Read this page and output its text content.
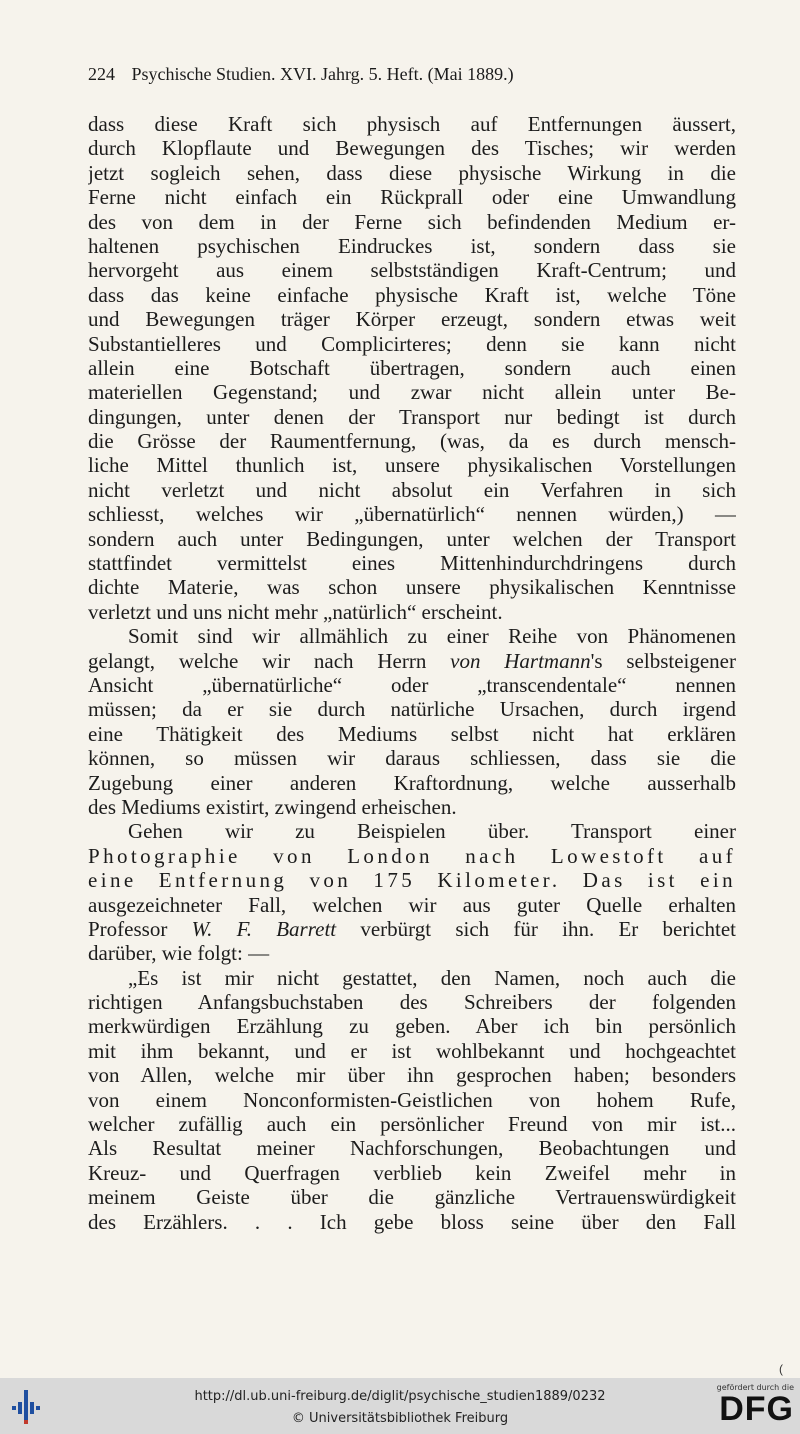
224 Psychische Studien. XVI. Jahrg. 5. Heft. (Mai 1889.)
dass diese Kraft sich physisch auf Entfernungen äussert,
durch Klopflaute und Bewegungen des Tisches; wir werden
jetzt sogleich sehen, dass diese physische Wirkung in die
Ferne nicht einfach ein Rückprall oder eine Umwandlung
des von dem in der Ferne sich befindenden Medium er-
haltenen psychischen Eindruckes ist, sondern dass sie
hervorgeht aus einem selbstständigen Kraft-Centrum; und
dass das keine einfache physische Kraft ist, welche Töne
und Bewegungen träger Körper erzeugt, sondern etwas weit
Substantielleres und Complicirteres; denn sie kann nicht
allein eine Botschaft übertragen, sondern auch einen
materiellen Gegenstand; und zwar nicht allein unter Be-
dingungen, unter denen der Transport nur bedingt ist durch
die Grösse der Raumentfernung, (was, da es durch mensch-
liche Mittel thunlich ist, unsere physikalischen Vorstellungen
nicht verletzt und nicht absolut ein Verfahren in sich
schliesst, welches wir „übernatürlich“ nennen würden,) —
sondern auch unter Bedingungen, unter welchen der Transport
stattfindet vermittelst eines Mittenhindurchdringens durch
dichte Materie, was schon unsere physikalischen Kenntnisse
verletzt und uns nicht mehr „natürlich“ erscheint.
Somit sind wir allmählich zu einer Reihe von Phänomenen
gelangt, welche wir nach Herrn von Hartmann's selbsteigener
Ansicht „übernatürliche“ oder „transcendentale“ nennen
müssen; da er sie durch natürliche Ursachen, durch irgend
eine Thätigkeit des Mediums selbst nicht hat erklären
können, so müssen wir daraus schliessen, dass sie die
Zugebung einer anderen Kraftordnung, welche ausserhalb
des Mediums existirt, zwingend erheischen.
Gehen wir zu Beispielen über. Transport einer
Photographie von London nach Lowestoft auf
eine Entfernung von 175 Kilometer. Das ist ein
ausgezeichneter Fall, welchen wir aus guter Quelle erhalten
Professor W. F. Barrett verbürgt sich für ihn. Er berichtet
darüber, wie folgt: —
„Es ist mir nicht gestattet, den Namen, noch auch die
richtigen Anfangsbuchstaben des Schreibers der folgenden
merkwürdigen Erzählung zu geben. Aber ich bin persönlich
mit ihm bekannt, und er ist wohlbekannt und hochgeachtet
von Allen, welche mir über ihn gesprochen haben; besonders
von einem Nonconformisten-Geistlichen von hohem Rufe,
welcher zufällig auch ein persönlicher Freund von mir ist...
Als Resultat meiner Nachforschungen, Beobachtungen und
Kreuz- und Querfragen verblieb kein Zweifel mehr in
meinem Geiste über die gänzliche Vertrauenswürdigkeit
des Erzählers. . . Ich gebe bloss seine über den Fall
(
http://dl.ub.uni-freiburg.de/diglit/psychische_studien1889/0232
© Universitätsbibliothek Freiburg
gefördert durch die
DFG
